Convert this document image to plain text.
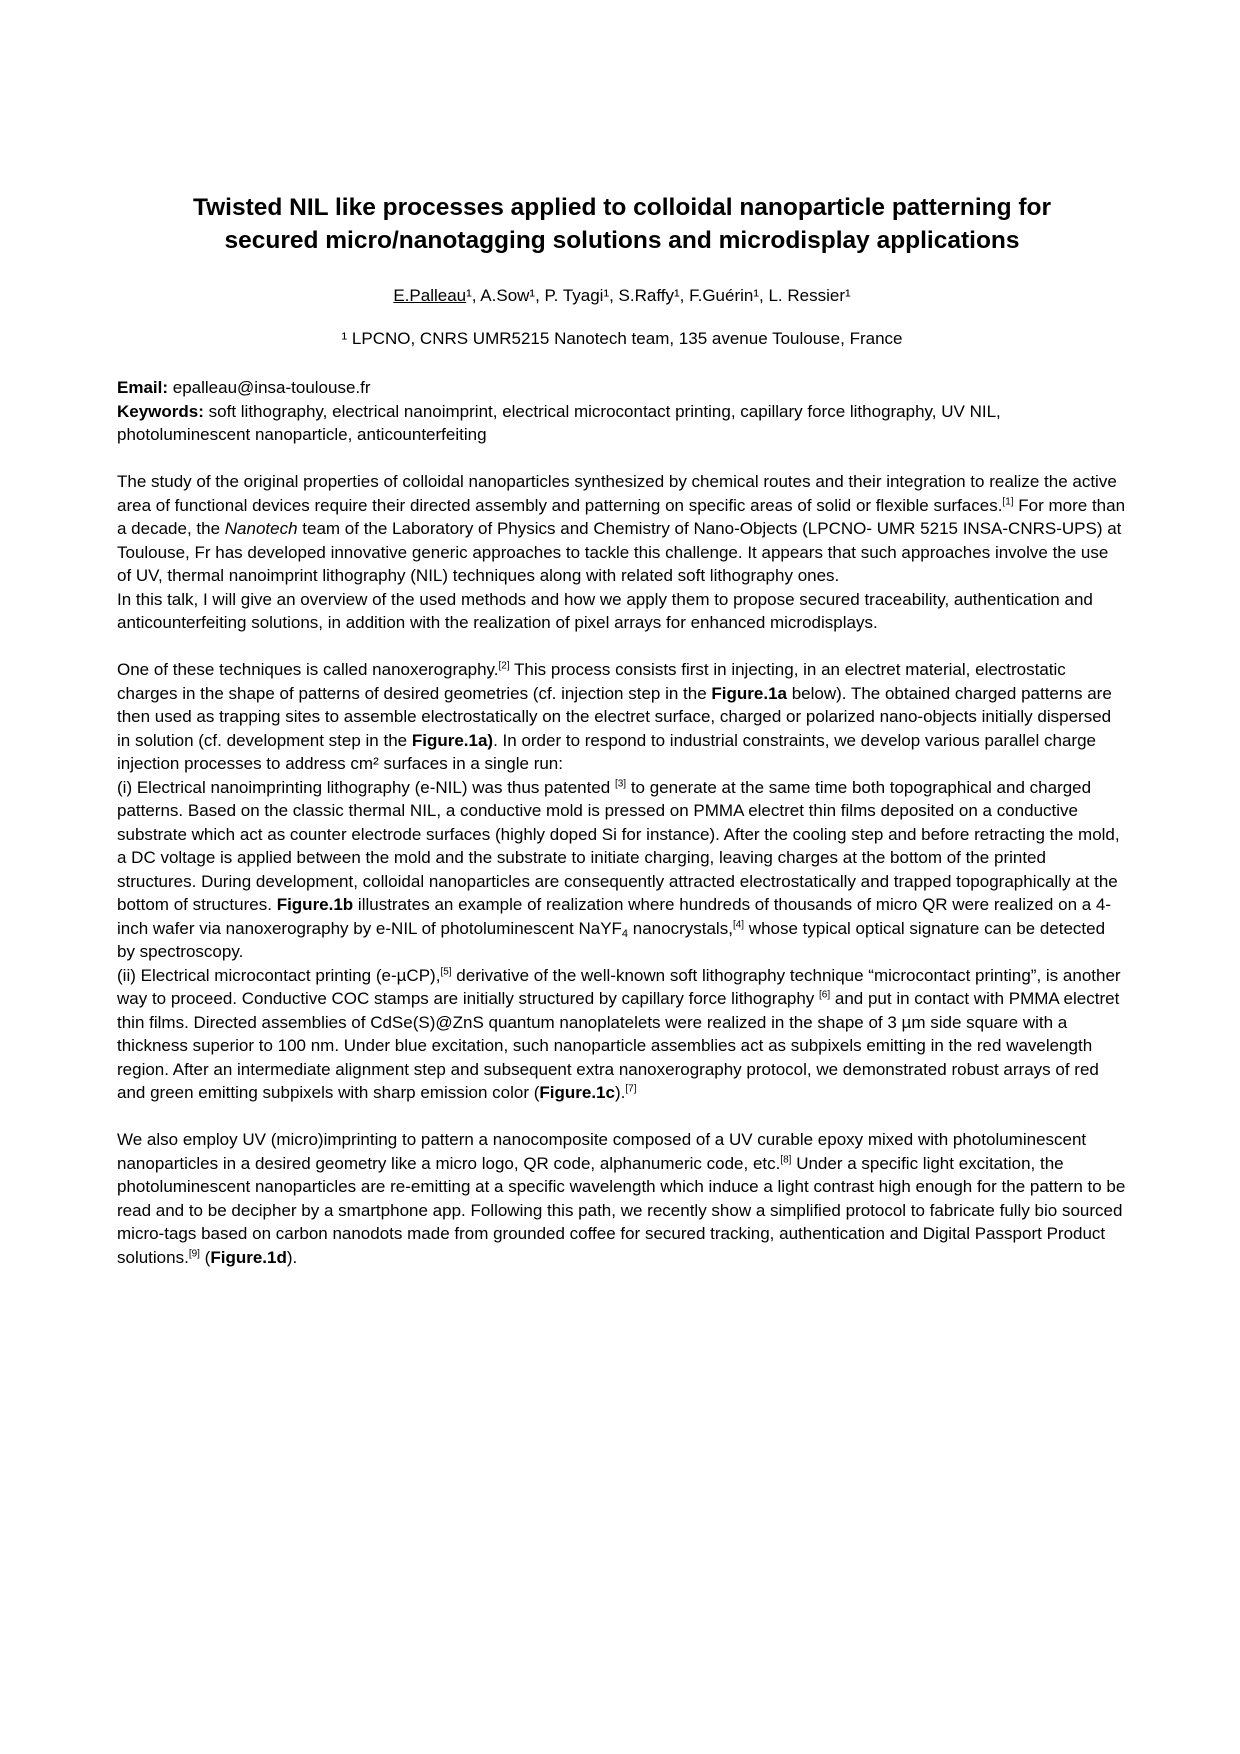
Twisted NIL like processes applied to colloidal nanoparticle patterning for
secured micro/nanotagging solutions and microdisplay applications
E.Palleau¹, A.Sow¹, P. Tyagi¹, S.Raffy¹, F.Guérin¹, L. Ressier¹
¹ LPCNO, CNRS UMR5215 Nanotech team, 135 avenue Toulouse, France

Email: epalleau@insa-toulouse.fr

Keywords: soft lithography, electrical nanoimprint, electrical microcontact printing, capillary force lithography, UV NIL, photoluminescent nanoparticle, anticounterfeiting

The study of the original properties of colloidal nanoparticles synthesized by chemical routes and their integration to realize the active area of functional devices require their directed assembly and patterning on specific areas of solid or flexible surfaces.[1] For more than a decade, the Nanotech team of the Laboratory of Physics and Chemistry of Nano-Objects (LPCNO- UMR 5215 INSA-CNRS-UPS) at Toulouse, Fr has developed innovative generic approaches to tackle this challenge. It appears that such approaches involve the use of UV, thermal nanoimprint lithography (NIL) techniques along with related soft lithography ones.

In this talk, I will give an overview of the used methods and how we apply them to propose secured traceability, authentication and anticounterfeiting solutions, in addition with the realization of pixel arrays for enhanced microdisplays.

One of these techniques is called nanoxerography.[2] This process consists first in injecting, in an electret material, electrostatic charges in the shape of patterns of desired geometries (cf. injection step in the Figure.1a below). The obtained charged patterns are then used as trapping sites to assemble electrostatically on the electret surface, charged or polarized nano-objects initially dispersed in solution (cf. development step in the Figure.1a). In order to respond to industrial constraints, we develop various parallel charge injection processes to address cm² surfaces in a single run:

(i) Electrical nanoimprinting lithography (e-NIL) was thus patented [3] to generate at the same time both topographical and charged patterns. Based on the classic thermal NIL, a conductive mold is pressed on PMMA electret thin films deposited on a conductive substrate which act as counter electrode surfaces (highly doped Si for instance). After the cooling step and before retracting the mold, a DC voltage is applied between the mold and the substrate to initiate charging, leaving charges at the bottom of the printed structures. During development, colloidal nanoparticles are consequently attracted electrostatically and trapped topographically at the bottom of structures. Figure.1b illustrates an example of realization where hundreds of thousands of micro QR were realized on a 4-inch wafer via nanoxerography by e-NIL of photoluminescent NaYF$_4$ nanocrystals,[4] whose typical optical signature can be detected by spectroscopy.

(ii) Electrical microcontact printing (e-µCP),[5] derivative of the well-known soft lithography technique “microcontact printing”, is another way to proceed. Conductive COC stamps are initially structured by capillary force lithography [6] and put in contact with PMMA electret thin films. Directed assemblies of CdSe(S)@ZnS quantum nanoplatelets were realized in the shape of 3 µm side square with a thickness superior to 100 nm. Under blue excitation, such nanoparticle assemblies act as subpixels emitting in the red wavelength region. After an intermediate alignment step and subsequent extra nanoxerography protocol, we demonstrated robust arrays of red and green emitting subpixels with sharp emission color (Figure.1c).[7]

We also employ UV (micro)imprinting to pattern a nanocomposite composed of a UV curable epoxy mixed with photoluminescent nanoparticles in a desired geometry like a micro logo, QR code, alphanumeric code, etc.[8] Under a specific light excitation, the photoluminescent nanoparticles are re-emitting at a specific wavelength which induce a light contrast high enough for the pattern to be read and to be decipher by a smartphone app. Following this path, we recently show a simplified protocol to fabricate fully bio sourced micro-tags based on carbon nanodots made from grounded coffee for secured tracking, authentication and Digital Passport Product solutions.[9] (Figure.1d).
